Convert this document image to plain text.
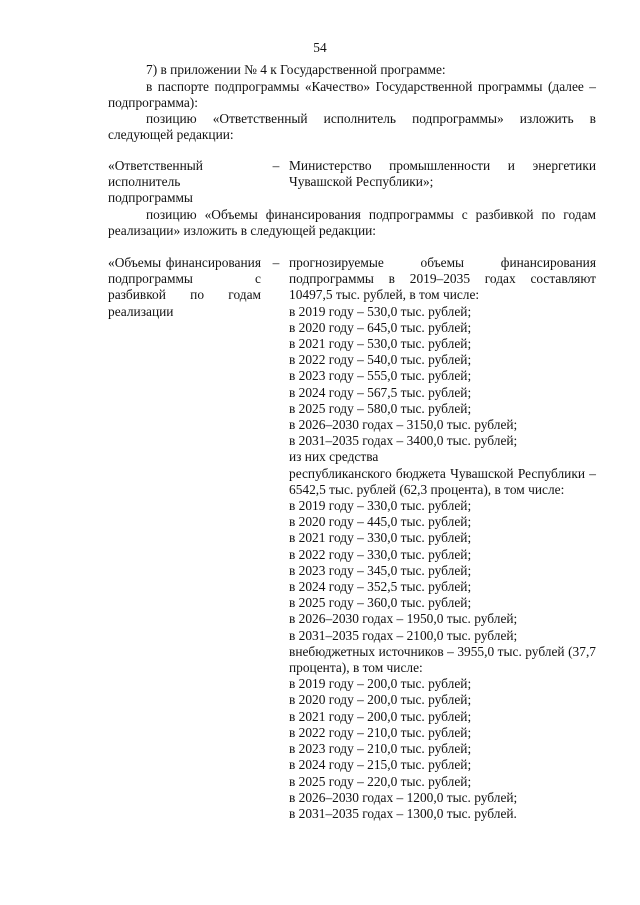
54
7) в приложении № 4 к Государственной программе:
в паспорте подпрограммы «Качество» Государственной программы (далее – подпрограмма):
позицию «Ответственный исполнитель подпрограммы» изложить в следующей редакции:
«Ответственный исполнитель подпрограммы
– Министерство промышленности и энергетики Чувашской Республики»;
позицию «Объемы финансирования подпрограммы с разбивкой по годам реализации» изложить в следующей редакции:
«Объемы финансирования подпрограммы с разбивкой по годам реализации
– прогнозируемые объемы финансирования подпрограммы в 2019–2035 годах составляют 10497,5 тыс. рублей, в том числе:
в 2019 году – 530,0 тыс. рублей;
в 2020 году – 645,0 тыс. рублей;
в 2021 году – 530,0 тыс. рублей;
в 2022 году – 540,0 тыс. рублей;
в 2023 году – 555,0 тыс. рублей;
в 2024 году – 567,5 тыс. рублей;
в 2025 году – 580,0 тыс. рублей;
в 2026–2030 годах – 3150,0 тыс. рублей;
в 2031–2035 годах – 3400,0 тыс. рублей;
из них средства
республиканского бюджета Чувашской Республики – 6542,5 тыс. рублей (62,3 процента), в том числе:
в 2019 году – 330,0 тыс. рублей;
в 2020 году – 445,0 тыс. рублей;
в 2021 году – 330,0 тыс. рублей;
в 2022 году – 330,0 тыс. рублей;
в 2023 году – 345,0 тыс. рублей;
в 2024 году – 352,5 тыс. рублей;
в 2025 году – 360,0 тыс. рублей;
в 2026–2030 годах – 1950,0 тыс. рублей;
в 2031–2035 годах – 2100,0 тыс. рублей;
внебюджетных источников – 3955,0 тыс. рублей (37,7 процента), в том числе:
в 2019 году – 200,0 тыс. рублей;
в 2020 году – 200,0 тыс. рублей;
в 2021 году – 200,0 тыс. рублей;
в 2022 году – 210,0 тыс. рублей;
в 2023 году – 210,0 тыс. рублей;
в 2024 году – 215,0 тыс. рублей;
в 2025 году – 220,0 тыс. рублей;
в 2026–2030 годах – 1200,0 тыс. рублей;
в 2031–2035 годах – 1300,0 тыс. рублей.
